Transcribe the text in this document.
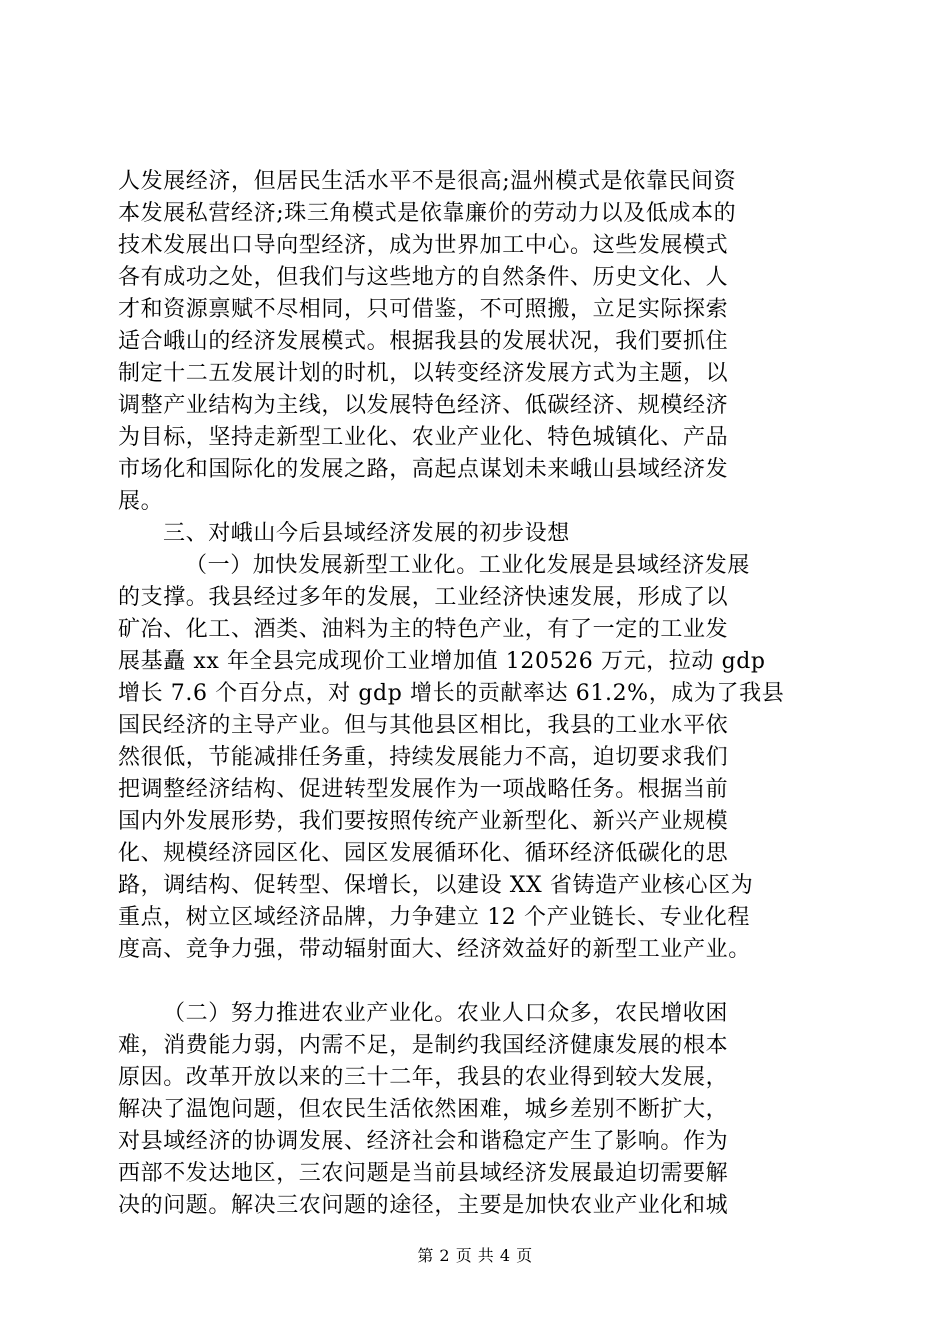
人发展经济，但居民生活水平不是很高;温州模式是依靠民间资
本发展私营经济;珠三角模式是依靠廉价的劳动力以及低成本的
技术发展出口导向型经济，成为世界加工中心。这些发展模式
各有成功之处，但我们与这些地方的自然条件、历史文化、人
才和资源禀赋不尽相同，只可借鉴，不可照搬，立足实际探索
适合峨山的经济发展模式。根据我县的发展状况，我们要抓住
制定十二五发展计划的时机，以转变经济发展方式为主题，以
调整产业结构为主线，以发展特色经济、低碳经济、规模经济
为目标，坚持走新型工业化、农业产业化、特色城镇化、产品
市场化和国际化的发展之路，高起点谋划未来峨山县域经济发
展。
三、对峨山今后县域经济发展的初步设想
（一）加快发展新型工业化。工业化发展是县域经济发展
的支撑。我县经过多年的发展，工业经济快速发展，形成了以
矿冶、化工、酒类、油料为主的特色产业，有了一定的工业发
展基矗 xx 年全县完成现价工业增加值 120526 万元，拉动 gdp
增长 7.6 个百分点，对 gdp 增长的贡献率达 61.2%，成为了我县
国民经济的主导产业。但与其他县区相比，我县的工业水平依
然很低，节能减排任务重，持续发展能力不高，迫切要求我们
把调整经济结构、促进转型发展作为一项战略任务。根据当前
国内外发展形势，我们要按照传统产业新型化、新兴产业规模
化、规模经济园区化、园区发展循环化、循环经济低碳化的思
路，调结构、促转型、保增长，以建设 XX 省铸造产业核心区为
重点，树立区域经济品牌，力争建立 12 个产业链长、专业化程
度高、竞争力强，带动辐射面大、经济效益好的新型工业产业。
（二）努力推进农业产业化。农业人口众多，农民增收困
难，消费能力弱，内需不足，是制约我国经济健康发展的根本
原因。改革开放以来的三十二年，我县的农业得到较大发展，
解决了温饱问题，但农民生活依然困难，城乡差别不断扩大，
对县域经济的协调发展、经济社会和谐稳定产生了影响。作为
西部不发达地区，三农问题是当前县域经济发展最迫切需要解
决的问题。解决三农问题的途径，主要是加快农业产业化和城
第 2 页 共 4 页
